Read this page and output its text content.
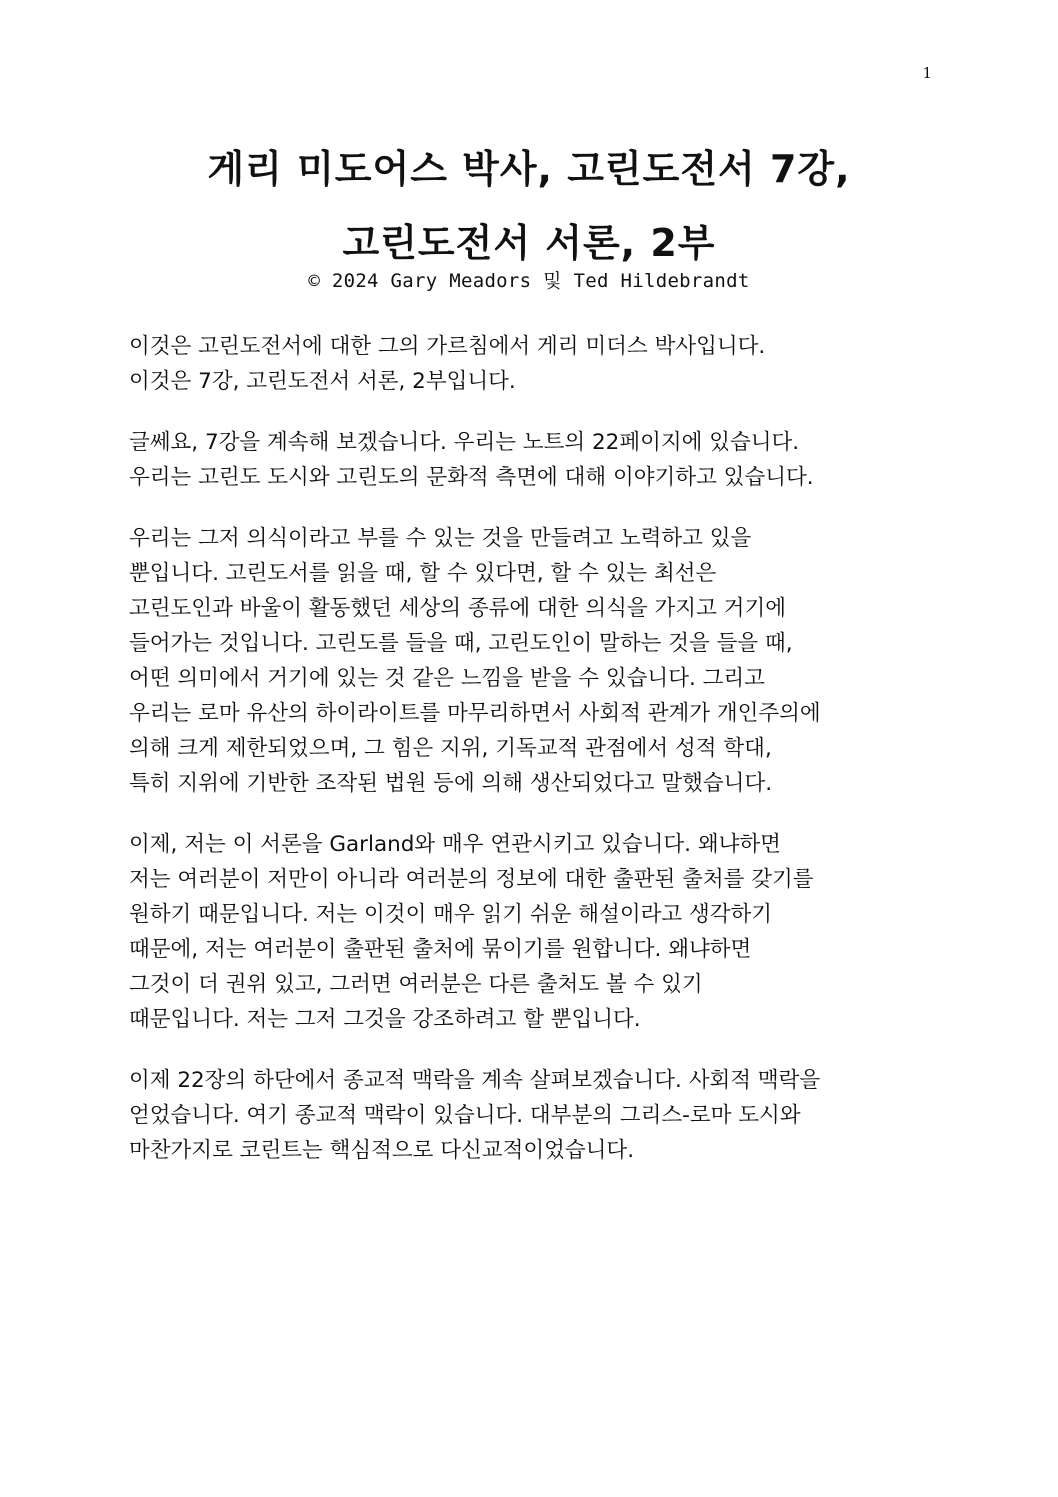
1
게리 미도어스 박사, 고린도전서 7강,
고린도전서 서론, 2부
© 2024 Gary Meadors 및 Ted Hildebrandt
이것은 고린도전서에 대한 그의 가르침에서 게리 미더스 박사입니다.
이것은 7강, 고린도전서 서론, 2부입니다.
글쎄요, 7강을 계속해 보겠습니다. 우리는 노트의 22페이지에 있습니다.
우리는 고린도 도시와 고린도의 문화적 측면에 대해 이야기하고 있습니다.
우리는 그저 의식이라고 부를 수 있는 것을 만들려고 노력하고 있을
뿐입니다. 고린도서를 읽을 때, 할 수 있다면, 할 수 있는 최선은
고린도인과 바울이 활동했던 세상의 종류에 대한 의식을 가지고 거기에
들어가는 것입니다. 고린도를 들을 때, 고린도인이 말하는 것을 들을 때,
어떤 의미에서 거기에 있는 것 같은 느낌을 받을 수 있습니다. 그리고
우리는 로마 유산의 하이라이트를 마무리하면서 사회적 관계가 개인주의에
의해 크게 제한되었으며, 그 힘은 지위, 기독교적 관점에서 성적 학대,
특히 지위에 기반한 조작된 법원 등에 의해 생산되었다고 말했습니다.
이제, 저는 이 서론을 Garland와 매우 연관시키고 있습니다. 왜냐하면
저는 여러분이 저만이 아니라 여러분의 정보에 대한 출판된 출처를 갖기를
원하기 때문입니다. 저는 이것이 매우 읽기 쉬운 해설이라고 생각하기
때문에, 저는 여러분이 출판된 출처에 묶이기를 원합니다. 왜냐하면
그것이 더 권위 있고, 그러면 여러분은 다른 출처도 볼 수 있기
때문입니다. 저는 그저 그것을 강조하려고 할 뿐입니다.
이제 22장의 하단에서 종교적 맥락을 계속 살펴보겠습니다. 사회적 맥락을
얻었습니다. 여기 종교적 맥락이 있습니다. 대부분의 그리스-로마 도시와
마찬가지로 코린트는 핵심적으로 다신교적이었습니다.
